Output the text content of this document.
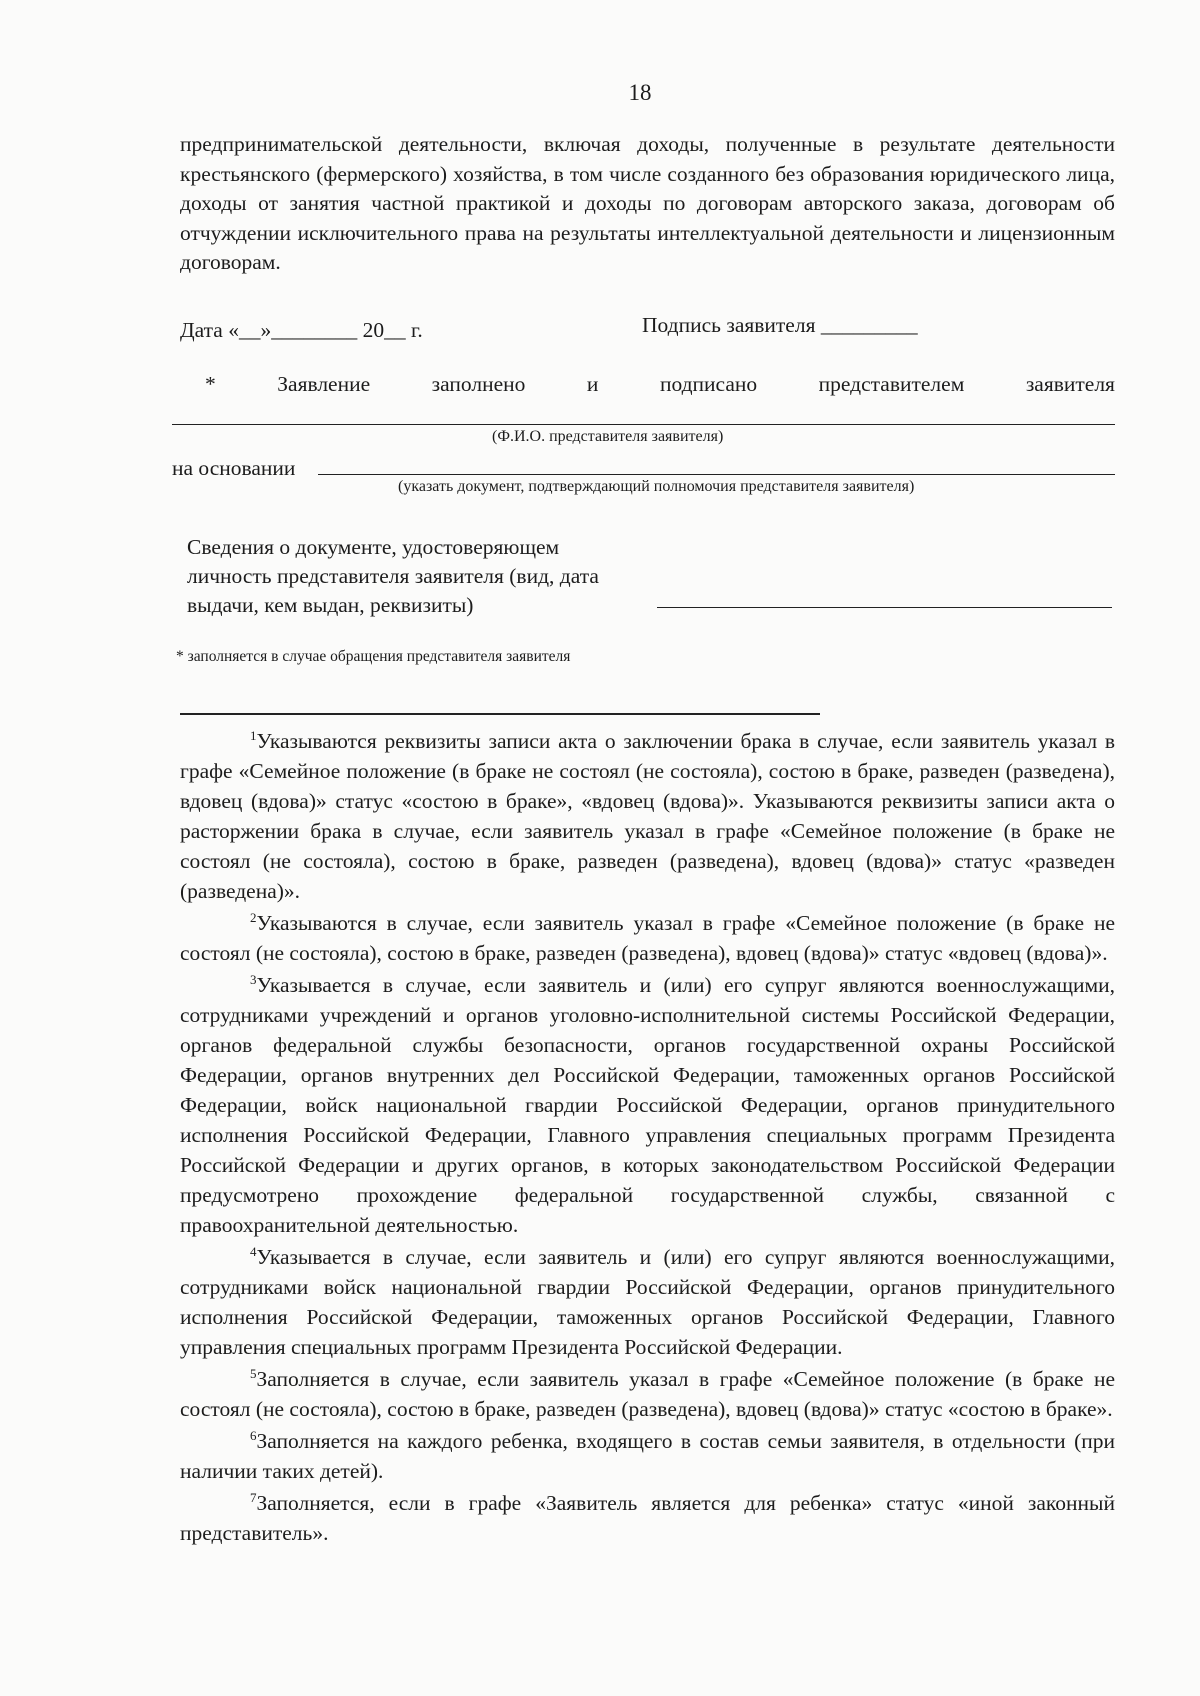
18

предпринимательской деятельности, включая доходы, полученные в результате деятельности крестьянского (фермерского) хозяйства, в том числе созданного без образования юридического лица, доходы от занятия частной практикой и доходы по договорам авторского заказа, договорам об отчуждении исключительного права на результаты интеллектуальной деятельности и лицензионным договорам.

Дата «__»________ 20__ г.	Подпись заявителя _________
*	Заявление	заполнено	и	подписано	представителем	заявителя
(Ф.И.О. представителя заявителя)
на основании
(указать документ, подтверждающий полномочия представителя заявителя)
Сведения о документе, удостоверяющем личность представителя заявителя (вид, дата выдачи, кем выдан, реквизиты)
* заполняется в случае обращения представителя заявителя

$^1$Указываются реквизиты записи акта о заключении брака в случае, если заявитель указал в графе «Семейное положение (в браке не состоял (не состояла), состою в браке, разведен (разведена), вдовец (вдова)» статус «состою в браке», «вдовец (вдова)». Указываются реквизиты записи акта о расторжении брака в случае, если заявитель указал в графе «Семейное положение (в браке не состоял (не состояла), состою в браке, разведен (разведена), вдовец (вдова)» статус «разведен (разведена)».

$^2$Указываются в случае, если заявитель указал в графе «Семейное положение (в браке не состоял (не состояла), состою в браке, разведен (разведена), вдовец (вдова)» статус «вдовец (вдова)».

$^3$Указывается в случае, если заявитель и (или) его супруг являются военнослужащими, сотрудниками учреждений и органов уголовно-исполнительной системы Российской Федерации, органов федеральной службы безопасности, органов государственной охраны Российской Федерации, органов внутренних дел Российской Федерации, таможенных органов Российской Федерации, войск национальной гвардии Российской Федерации, органов принудительного исполнения Российской Федерации, Главного управления специальных программ Президента Российской Федерации и других органов, в которых законодательством Российской Федерации предусмотрено прохождение федеральной государственной службы, связанной с правоохранительной деятельностью.

$^4$Указывается в случае, если заявитель и (или) его супруг являются военнослужащими, сотрудниками войск национальной гвардии Российской Федерации, органов принудительного исполнения Российской Федерации, таможенных органов Российской Федерации, Главного управления специальных программ Президента Российской Федерации.

$^5$Заполняется в случае, если заявитель указал в графе «Семейное положение (в браке не состоял (не состояла), состою в браке, разведен (разведена), вдовец (вдова)» статус «состою в браке».

$^6$Заполняется на каждого ребенка, входящего в состав семьи заявителя, в отдельности (при наличии таких детей).

$^7$Заполняется, если в графе «Заявитель является для ребенка» статус «иной законный представитель».
